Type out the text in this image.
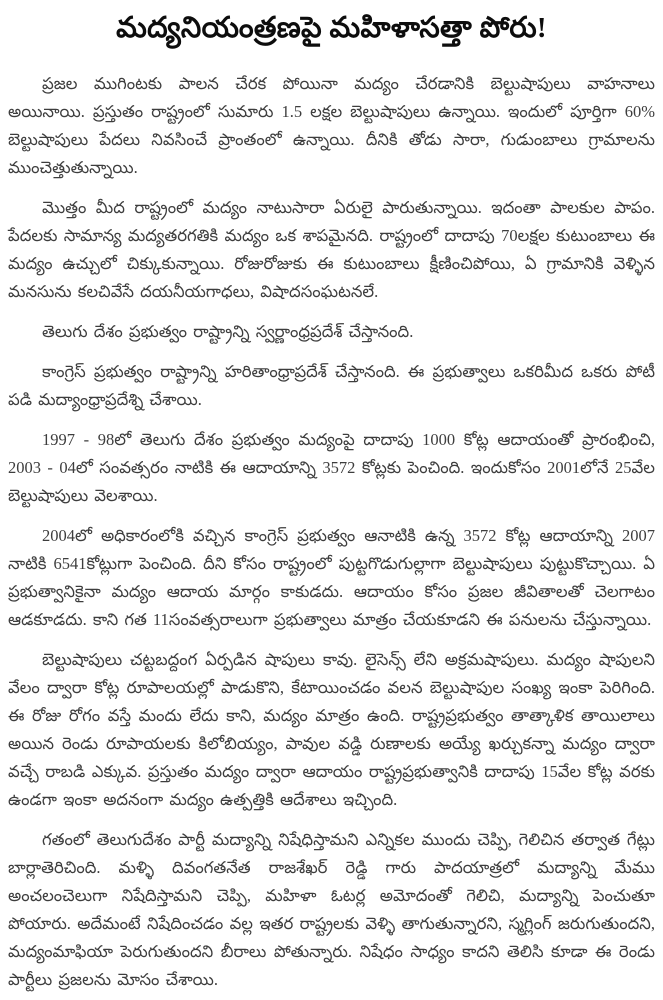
మద్యనియంత్రణపై మహిళాసత్తా పోరు!

ప్రజల ముగింటకు పాలన చేరక పోయినా మద్యం చేరడానికి బెల్టుషాపులు వాహనాలు అయినాయి. ప్రస్తుతం రాష్ట్రంలో సుమారు 1.5 లక్షల బెల్టుషాపులు ఉన్నాయి. ఇందులో పూర్తిగా 60% బెల్టుషాపులు పేదలు నివసించే ప్రాంతంలో ఉన్నాయి. దీనికి తోడు సారా, గుడుంబాలు గ్రామాలను ముంచెత్తుతున్నాయి.

మొత్తం మీద రాష్ట్రంలో మద్యం నాటుసారా ఏరులై పారుతున్నాయి. ఇదంతా పాలకుల పాపం. పేదలకు సామాన్య మద్యతరగతికి మద్యం ఒక శాపమైనది. రాష్ట్రంలో దాదాపు 70లక్షల కుటుంబాలు ఈ మద్యం ఉచ్చులో చిక్కుకున్నాయి. రోజురోజుకు ఈ కుటుంబాలు క్షీణించిపోయి, ఏ గ్రామానికి వెళ్ళిన మనసును కలచివేసే దయనీయగాధలు, విషాదసంఘటనలే.

తెలుగు దేశం ప్రభుత్వం రాష్ట్రాన్ని స్వర్ణాంధ్రప్రదేశ్ చేస్తానంది.

కాంగ్రెస్ ప్రభుత్వం రాష్ట్రాన్ని హరితాంధ్రాప్రదేశ్ చేస్తానంది. ఈ ప్రభుత్వాలు ఒకరిమీద ఒకరు పోటీ పడి మద్యాంధ్రాప్రదేశ్ని చేశాయి.

1997 - 98లో తెలుగు దేశం ప్రభుత్వం మద్యంపై దాదాపు 1000 కోట్ల ఆదాయంతో ప్రారంభించి, 2003 - 04లో సంవత్సరం నాటికి ఈ ఆదాయాన్ని 3572 కోట్లకు పెంచింది. ఇందుకోసం 2001లోనే 25వేల బెల్టుషాపులు వెలశాయి.

2004లో అధికారంలోకి వచ్చిన కాంగ్రెస్ ప్రభుత్వం ఆనాటికి ఉన్న 3572 కోట్ల ఆదాయాన్ని 2007 నాటికి 6541కోట్లుగా పెంచింది. దీని కోసం రాష్ట్రంలో పుట్టగొడుగుల్లాగా బెల్టుషాపులు పుట్టుకొచ్చాయి. ఏ ప్రభుత్వానికైనా మద్యం ఆదాయ మార్గం కాకుడదు. ఆదాయం కోసం ప్రజల జీవితాలతో చెలగాటం ఆడకూడదు. కాని గత 11సంవత్సరాలుగా ప్రభుత్వాలు మాత్రం చేయకూడని ఈ పనులను చేస్తున్నాయి.

బెల్టుషాపులు చట్టబద్దంగ ఏర్పడిన షాపులు కావు. లైసెన్స్ లేని అక్రమషాపులు. మద్యం షాపులని వేలం ద్వారా కోట్ల రూపాలయల్లో పాడుకొని, కేటాయించడం వలన బెల్టుషాపుల సంఖ్య ఇంకా పెరిగింది. ఈ రోజు రోగం వస్తే మందు లేదు కాని, మద్యం మాత్రం ఉంది. రాష్ట్రప్రభుత్వం తాత్కాళిక తాయిలాలు అయిన రెండు రూపాయలకు కిలోబియ్యం, పావుల వడ్డి రుణాలకు అయ్యే ఖర్చుకన్నా మద్యం ద్వారా వచ్చే రాబడి ఎక్కువ. ప్రస్తుతం మద్యం ద్వారా ఆదాయం రాష్ట్రప్రభుత్వానికి దాదాపు 15వేల కోట్ల వరకు ఉండగా ఇంకా అదనంగా మద్యం ఉత్పత్తికి ఆదేశాలు ఇచ్చింది.

గతంలో తెలుగుదేశం పార్టీ మద్యాన్ని నిషేధిస్తామని ఎన్నికల ముందు చెప్పి, గెలిచిన తర్వాత గేట్లు బార్లాతెరిచింది. మళ్ళి దివంగతనేత రాజశేఖర్ రెడ్డి గారు పాదయాత్రలో మద్యాన్ని మేము అంచలంచెలుగా నిషేదిస్తామని చెప్పి, మహిళా ఓటర్ల అమోదంతో గెలిచి, మద్యాన్ని పెంచుతూ పోయారు. అదేమంటే నిషేదించడం వల్ల ఇతర రాష్ట్రలకు వెళ్ళి తాగుతున్నారని, స్మగ్లింగ్ జరుగుతుందని, మద్యంమాఫియా పెరుగుతుందని బీరాలు పోతున్నారు. నిషేధం సాధ్యం కాదని తెలిసి కూడా ఈ రెండు పార్టీలు ప్రజలను మోసం చేశాయి.
